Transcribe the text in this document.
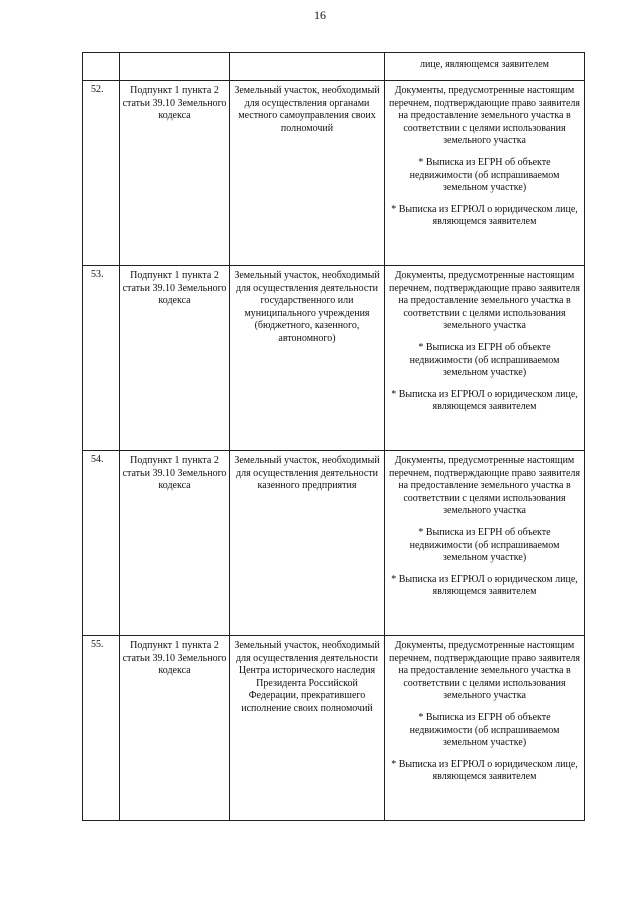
16

			лице, являющемся заявителем

52.	Подпункт 1 пункта 2 статьи 39.10 Земельного кодекса	Земельный участок, необходимый для осуществления органами местного самоуправления своих полномочий	Документы, предусмотренные настоящим перечнем, подтверждающие право заявителя на предоставление земельного участка в соответствии с целями использования земельного участка

* Выписка из ЕГРН об объекте недвижимости (об испрашиваемом земельном участке)

* Выписка из ЕГРЮЛ о юридическом лице, являющемся заявителем

53.	Подпункт 1 пункта 2 статьи 39.10 Земельного кодекса	Земельный участок, необходимый для осуществления деятельности государственного или муниципального учреждения (бюджетного, казенного, автономного)	Документы, предусмотренные настоящим перечнем, подтверждающие право заявителя на предоставление земельного участка в соответствии с целями использования земельного участка

* Выписка из ЕГРН об объекте недвижимости (об испрашиваемом земельном участке)

* Выписка из ЕГРЮЛ о юридическом лице, являющемся заявителем

54.	Подпункт 1 пункта 2 статьи 39.10 Земельного кодекса	Земельный участок, необходимый для осуществления деятельности казенного предприятия	Документы, предусмотренные настоящим перечнем, подтверждающие право заявителя на предоставление земельного участка в соответствии с целями использования земельного участка

* Выписка из ЕГРН об объекте недвижимости (об испрашиваемом земельном участке)

* Выписка из ЕГРЮЛ о юридическом лице, являющемся заявителем

55.	Подпункт 1 пункта 2 статьи 39.10 Земельного кодекса	Земельный участок, необходимый для осуществления деятельности Центра исторического наследия Президента Российской Федерации, прекратившего исполнение своих полномочий	Документы, предусмотренные настоящим перечнем, подтверждающие право заявителя на предоставление земельного участка в соответствии с целями использования земельного участка

* Выписка из ЕГРН об объекте недвижимости (об испрашиваемом земельном участке)

* Выписка из ЕГРЮЛ о юридическом лице, являющемся заявителем
